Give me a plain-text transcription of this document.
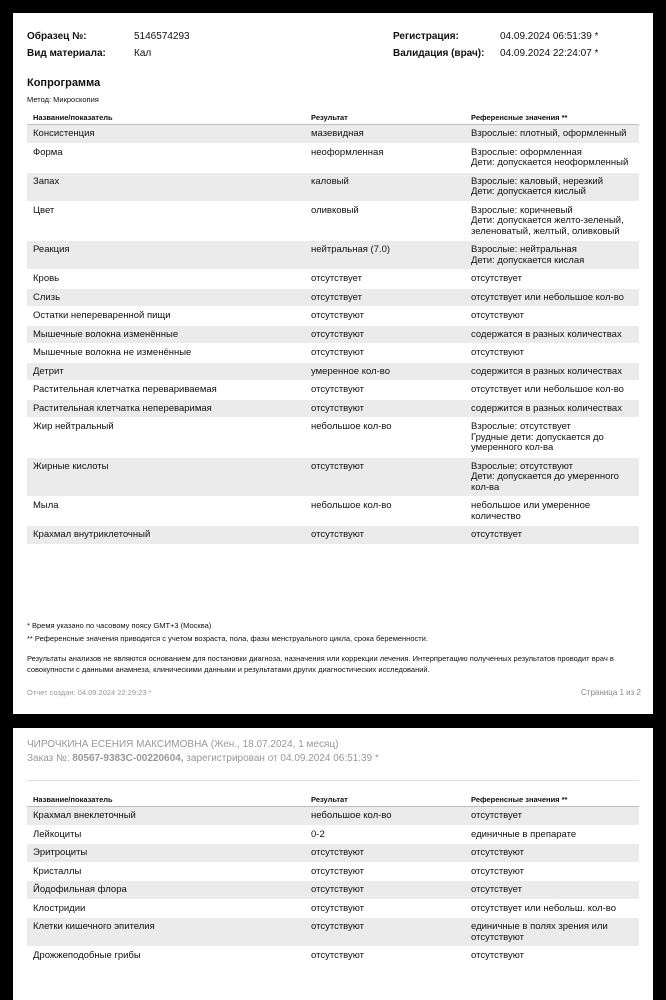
Образец №:	5146574293
Вид материала:	Кал
Регистрация:	04.09.2024 06:51:39 *
Валидация (врач): 04.09.2024 22:24:07 *
Копрограмма
Метод: Микроскопия
Название/показатель	Результат	Референсные значения **
Консистенция	мазевидная	Взрослые: плотный, оформленный
Форма	неоформленная	Взрослые: оформленная
Дети: допускается неоформленный
Запах	каловый	Взрослые: каловый, нерезкий
Дети: допускается кислый
Цвет	оливковый	Взрослые: коричневый
Дети: допускается желто-зеленый, зеленоватый, желтый, оливковый
Реакция	нейтральная (7.0)	Взрослые: нейтральная
Дети: допускается кислая
Кровь	отсутствует	отсутствует
Слизь	отсутствует	отсутствует или небольшое кол-во
Остатки непереваренной пищи	отсутствуют	отсутствуют
Мышечные волокна изменённые	отсутствуют	содержатся в разных количествах
Мышечные волокна не изменённые	отсутствуют	отсутствуют
Детрит	умеренное кол-во	содержится в разных количествах
Растительная клетчатка перевариваемая	отсутствуют	отсутствует или небольшое кол-во
Растительная клетчатка непереваримая	отсутствуют	содержится в разных количествах
Жир нейтральный	небольшое кол-во	Взрослые: отсутствует
Грудные дети: допускается до умеренного кол-ва
Жирные кислоты	отсутствуют	Взрослые: отсутствуют
Дети: допускается до умеренного кол-ва
Мыла	небольшое кол-во	небольшое или умеренное количество
Крахмал внутриклеточный	отсутствуют	отсутствует
* Время указано по часовому поясу GMT+3 (Москва)
** Референсные значения приводятся с учетом возраста, пола, фазы менструального цикла, срока беременности.
Результаты анализов не являются основанием для постановки диагноза, назначения или коррекции лечения. Интерпретацию полученных результатов проводит врач в совокупности с данными анамнеза, клиническими данными и результатами других диагностических исследований.
Отчет создан: 04.09.2024 22:29:23 *	Страница 1 из 2
ЧИРОЧКИНА ЕСЕНИЯ МАКСИМОВНА (Жен., 18.07.2024, 1 месяц)
Заказ №: 80567-9383C-00220604, зарегистрирован от 04.09.2024 06:51:39 *
Название/показатель	Результат	Референсные значения **
Крахмал внеклеточный	небольшое кол-во	отсутствует
Лейкоциты	0-2	единичные в препарате
Эритроциты	отсутствуют	отсутствуют
Кристаллы	отсутствуют	отсутствуют
Йодофильная флора	отсутствуют	отсутствует
Клостридии	отсутствуют	отсутствует или небольш. кол-во
Клетки кишечного эпителия	отсутствуют	единичные в полях зрения или отсутствуют
Дрожжеподобные грибы	отсутствуют	отсутствуют
